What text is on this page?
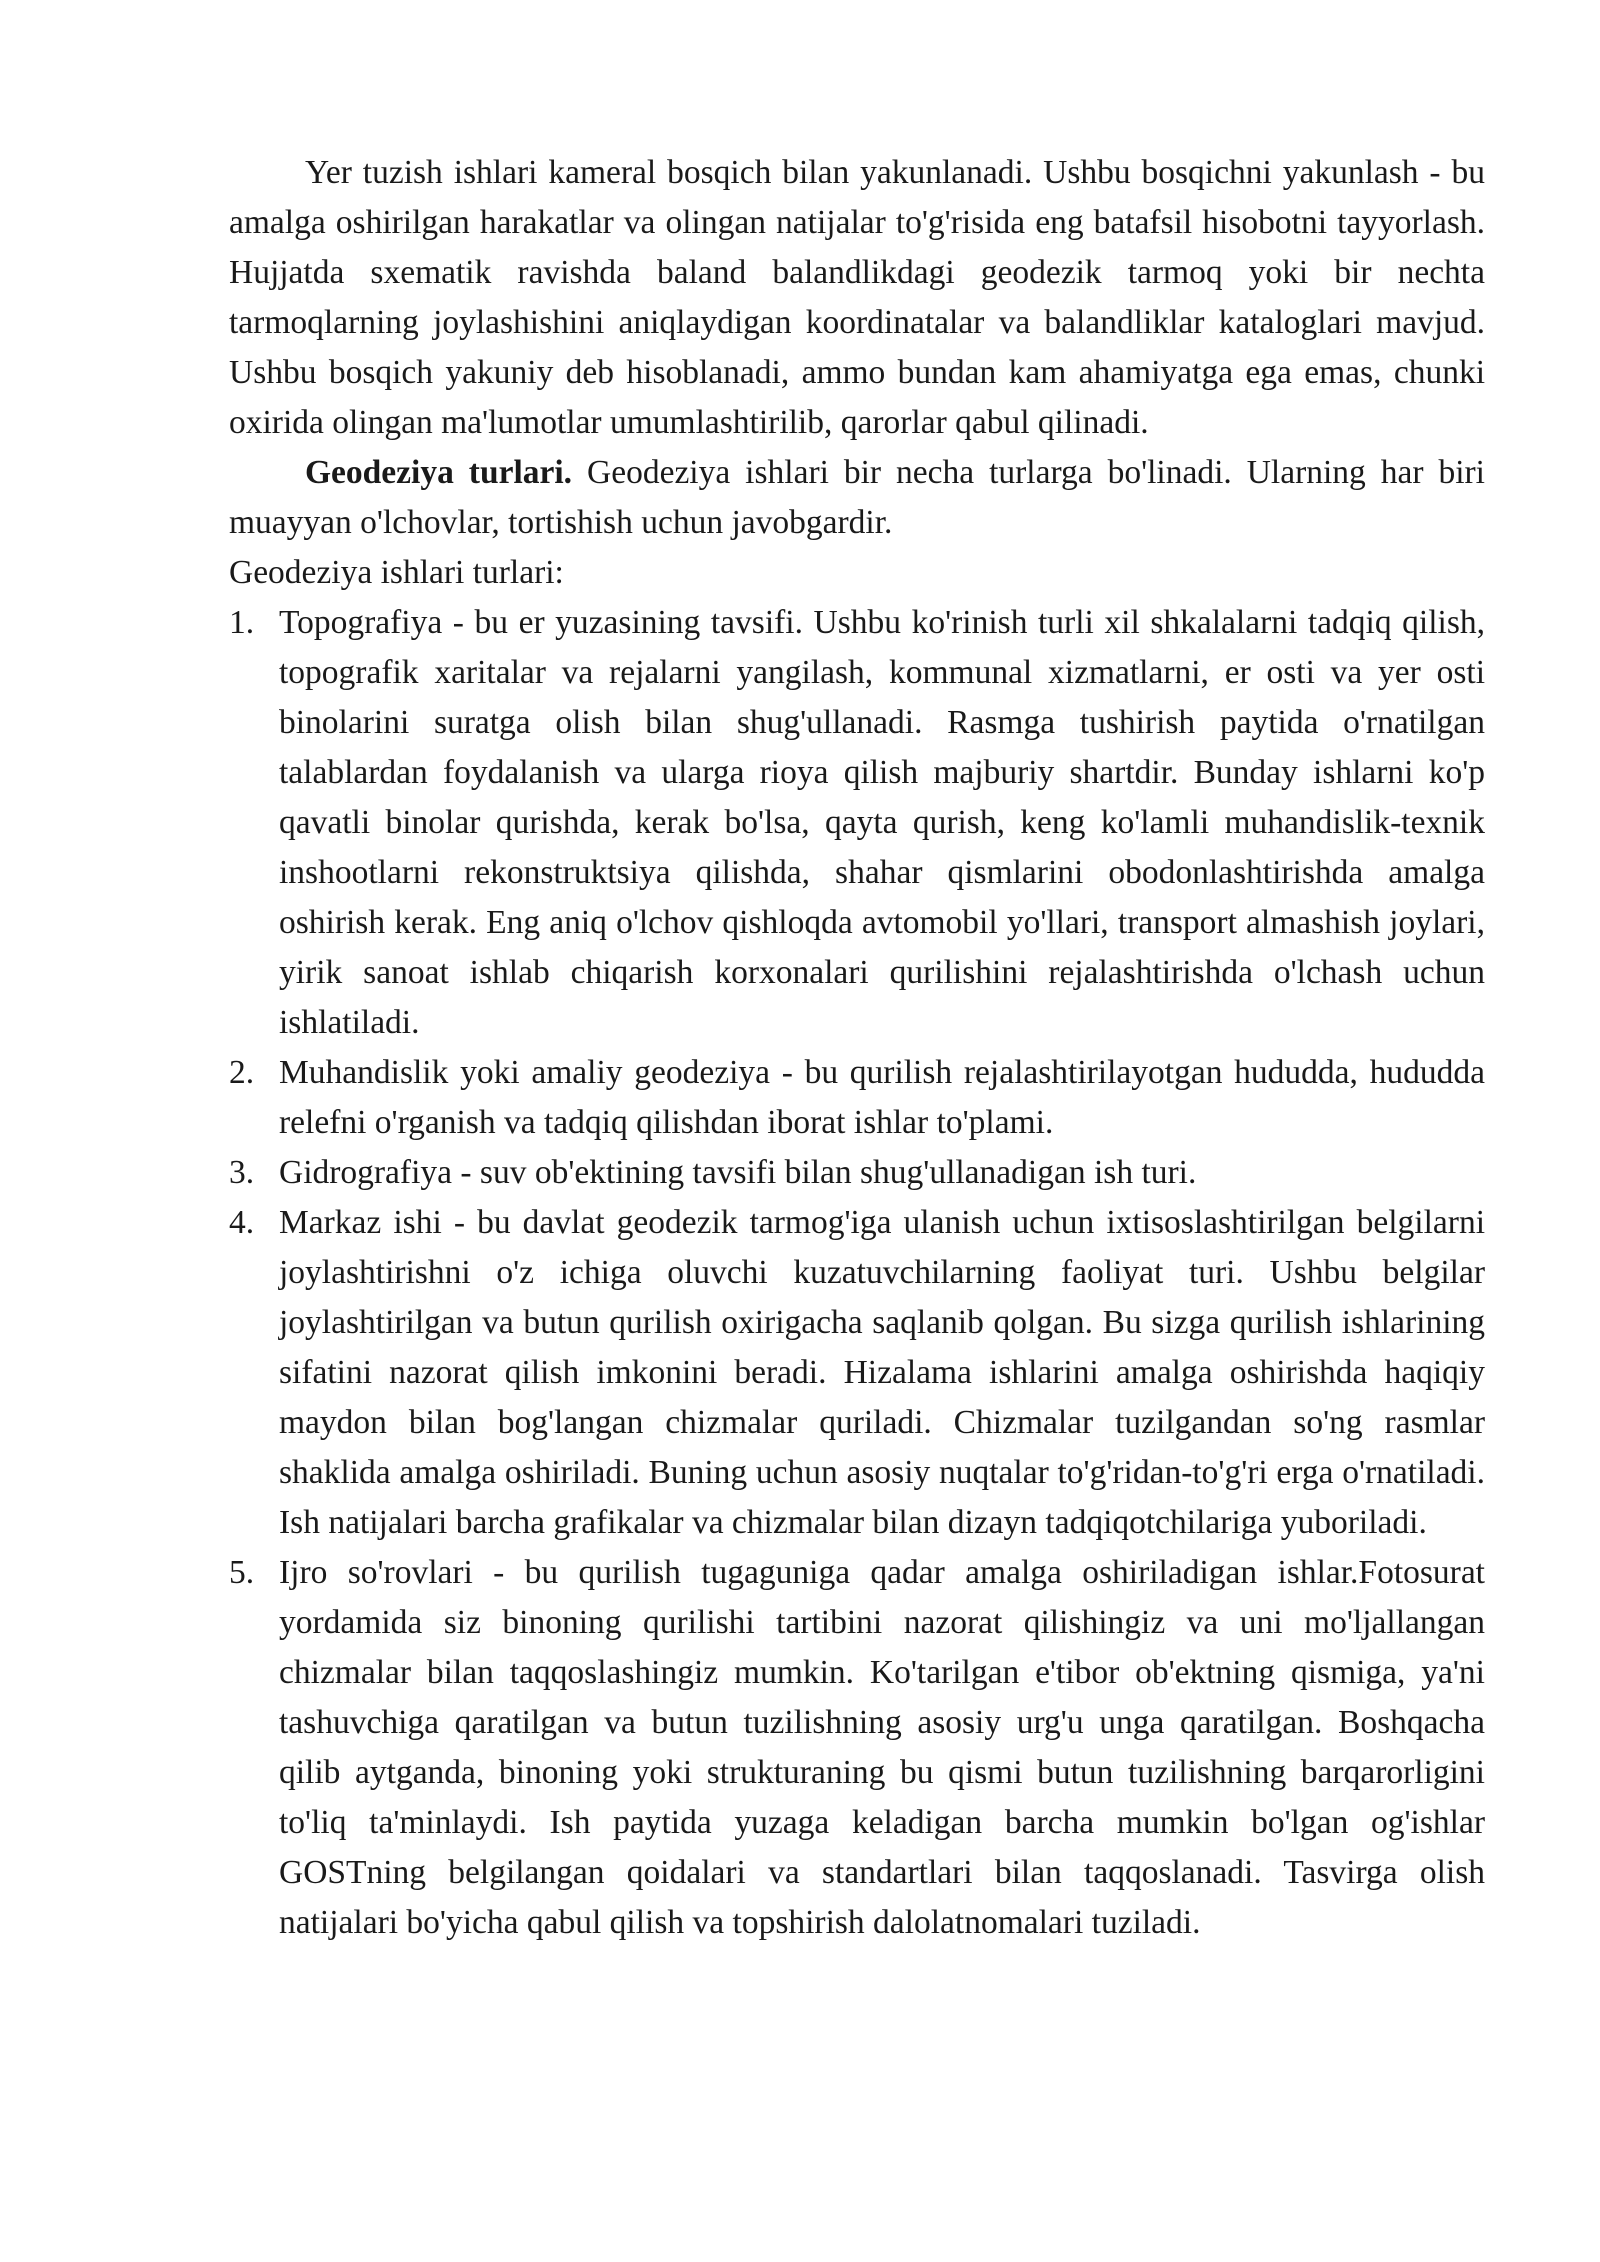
Yer tuzish ishlari kameral bosqich bilan yakunlanadi. Ushbu bosqichni yakunlash - bu amalga oshirilgan harakatlar va olingan natijalar to'g'risida eng batafsil hisobotni tayyorlash. Hujjatda sxematik ravishda baland balandlikdagi geodezik tarmoq yoki bir nechta tarmoqlarning joylashishini aniqlaydigan koordinatalar va balandliklar kataloglari mavjud. Ushbu bosqich yakuniy deb hisoblanadi, ammo bundan kam ahamiyatga ega emas, chunki oxirida olingan ma'lumotlar umumlashtirilib, qarorlar qabul qilinadi.

Geodeziya turlari. Geodeziya ishlari bir necha turlarga bo'linadi. Ularning har biri muayyan o'lchovlar, tortishish uchun javobgardir.

Geodeziya ishlari turlari:

1. Topografiya - bu er yuzasining tavsifi. Ushbu ko'rinish turli xil shkalalarni tadqiq qilish, topografik xaritalar va rejalarni yangilash, kommunal xizmatlarni, er osti va yer osti binolarini suratga olish bilan shug'ullanadi. Rasmga tushirish paytida o'rnatilgan talablardan foydalanish va ularga rioya qilish majburiy shartdir. Bunday ishlarni ko'p qavatli binolar qurishda, kerak bo'lsa, qayta qurish, keng ko'lamli muhandislik-texnik inshootlarni rekonstruktsiya qilishda, shahar qismlarini obodonlashtirishda amalga oshirish kerak. Eng aniq o'lchov qishloqda avtomobil yo'llari, transport almashish joylari, yirik sanoat ishlab chiqarish korxonalari qurilishini rejalashtirishda o'lchash uchun ishlatiladi.
2. Muhandislik yoki amaliy geodeziya - bu qurilish rejalashtirilayotgan hududda, hududda relefni o'rganish va tadqiq qilishdan iborat ishlar to'plami.
3. Gidrografiya - suv ob'ektining tavsifi bilan shug'ullanadigan ish turi.
4. Markaz ishi - bu davlat geodezik tarmog'iga ulanish uchun ixtisoslashtirilgan belgilarni joylashtirishni o'z ichiga oluvchi kuzatuvchilarning faoliyat turi. Ushbu belgilar joylashtirilgan va butun qurilish oxirigacha saqlanib qolgan. Bu sizga qurilish ishlarining sifatini nazorat qilish imkonini beradi. Hizalama ishlarini amalga oshirishda haqiqiy maydon bilan bog'langan chizmalar quriladi. Chizmalar tuzilgandan so'ng rasmlar shaklida amalga oshiriladi. Buning uchun asosiy nuqtalar to'g'ridan-to'g'ri erga o'rnatiladi. Ish natijalari barcha grafikalar va chizmalar bilan dizayn tadqiqotchilariga yuboriladi.
5. Ijro so'rovlari - bu qurilish tugaguniga qadar amalga oshiriladigan ishlar.Fotosurat yordamida siz binoning qurilishi tartibini nazorat qilishingiz va uni mo'ljallangan chizmalar bilan taqqoslashingiz mumkin. Ko'tarilgan e'tibor ob'ektning qismiga, ya'ni tashuvchiga qaratilgan va butun tuzilishning asosiy urg'u unga qaratilgan. Boshqacha qilib aytganda, binoning yoki strukturaning bu qismi butun tuzilishning barqarorligini to'liq ta'minlaydi. Ish paytida yuzaga keladigan barcha mumkin bo'lgan og'ishlar GOSTning belgilangan qoidalari va standartlari bilan taqqoslanadi. Tasvirga olish natijalari bo'yicha qabul qilish va topshirish dalolatnomalari tuziladi.
